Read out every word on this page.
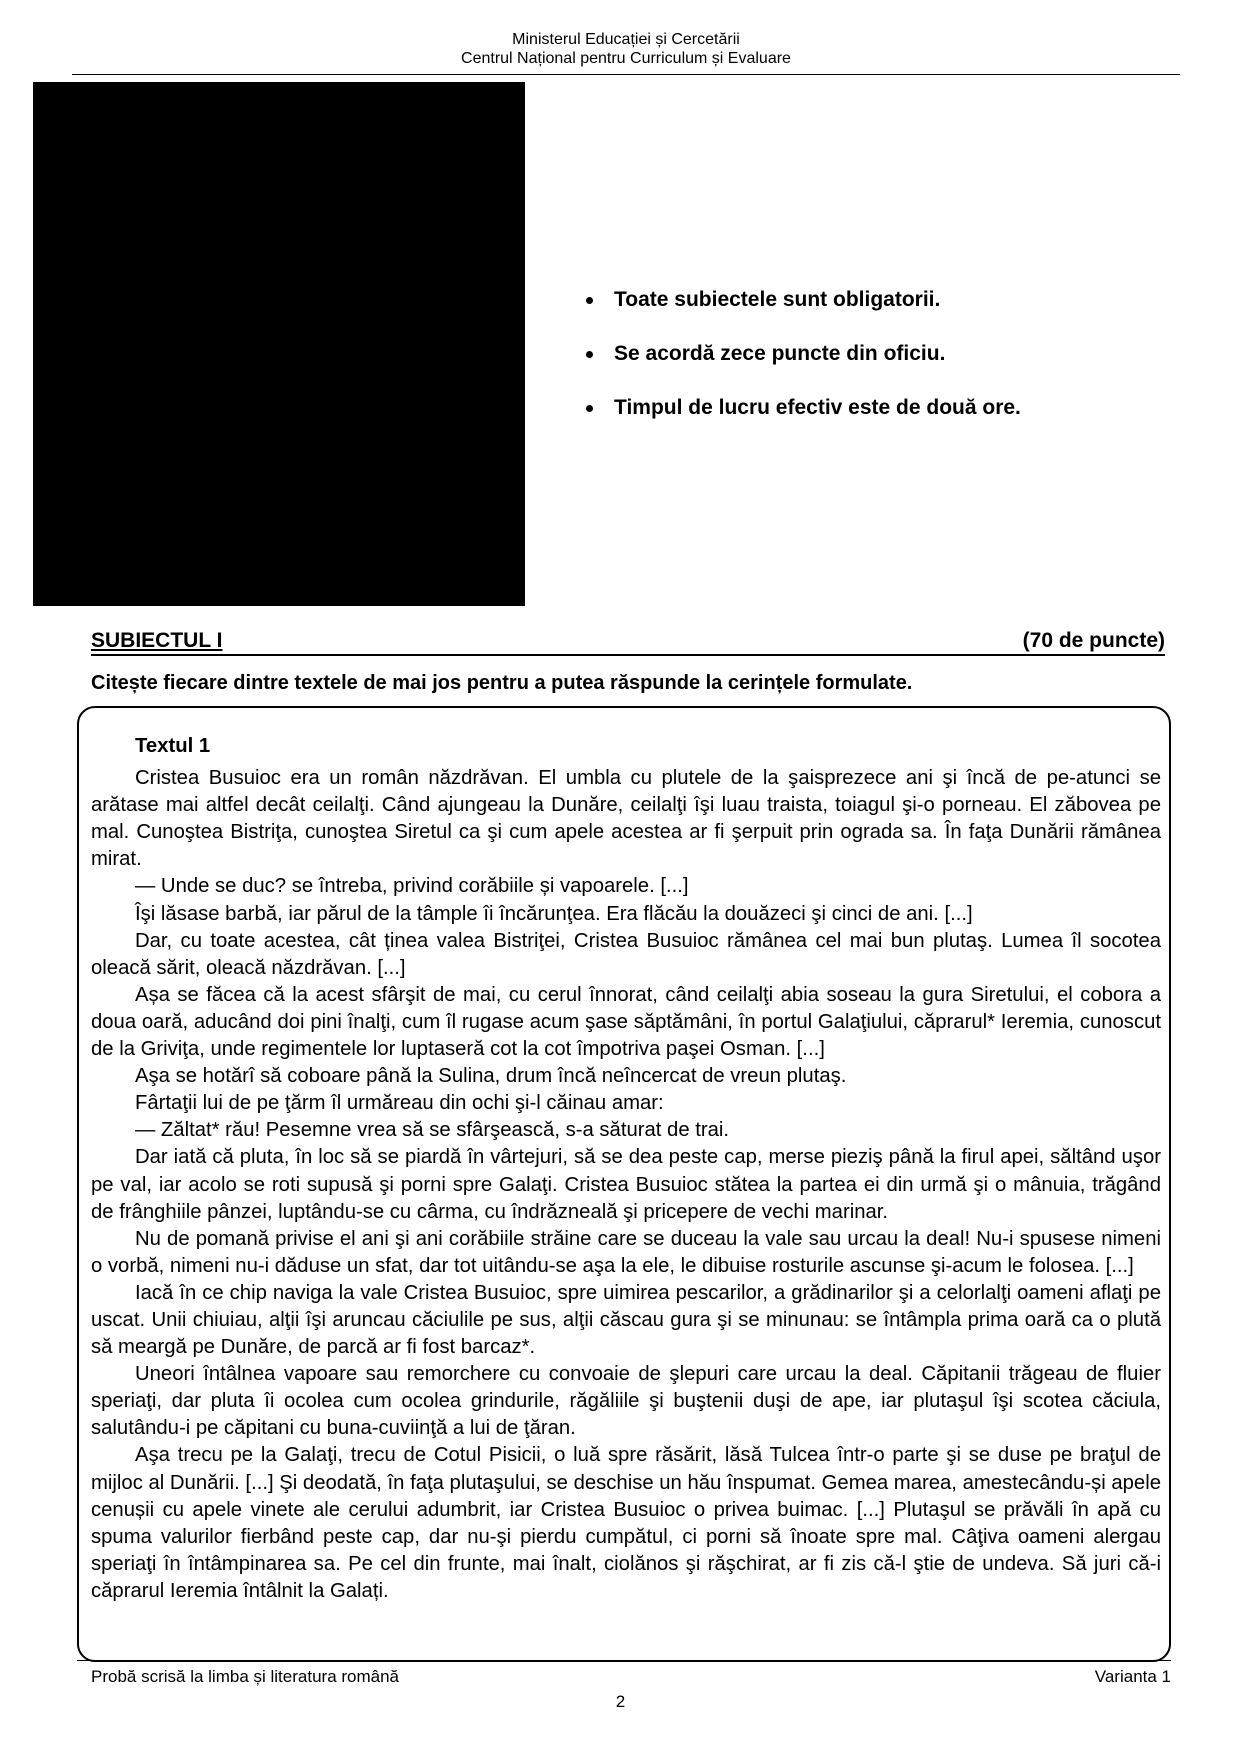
Ministerul Educației și Cercetării
Centrul Național pentru Curriculum și Evaluare
Toate subiectele sunt obligatorii.
Se acordă zece puncte din oficiu.
Timpul de lucru efectiv este de două ore.
SUBIECTUL I	(70 de puncte)
Citește fiecare dintre textele de mai jos pentru a putea răspunde la cerințele formulate.
Textul 1

Cristea Busuioc era un român năzdrăvan. El umbla cu plutele de la şaisprezece ani şi încă de pe-atunci se arătase mai altfel decât ceilalţi. Când ajungeau la Dunăre, ceilalţi îşi luau traista, toiagul şi-o porneau. El zăbovea pe mal. Cunoştea Bistriţa, cunoştea Siretul ca şi cum apele acestea ar fi şerpuit prin ograda sa. În faţa Dunării rămânea mirat.

— Unde se duc? se întreba, privind corăbiile și vapoarele. [...]

Îşi lăsase barbă, iar părul de la tâmple îi încărunţea. Era flăcău la douăzeci şi cinci de ani. [...]

Dar, cu toate acestea, cât ținea valea Bistriţei, Cristea Busuioc rămânea cel mai bun plutaş. Lumea îl socotea oleacă sărit, oleacă năzdrăvan. [...]

Așa se făcea că la acest sfârşit de mai, cu cerul înnorat, când ceilalţi abia soseau la gura Siretului, el cobora a doua oară, aducând doi pini înalţi, cum îl rugase acum şase săptămâni, în portul Galaţiului, căprarul* Ieremia, cunoscut de la Griviţa, unde regimentele lor luptaseră cot la cot împotriva paşei Osman. [...]

Aşa se hotărî să coboare până la Sulina, drum încă neîncercat de vreun plutaş.

Fârtaţii lui de pe ţărm îl urmăreau din ochi şi-l căinau amar:

— Zăltat* rău! Pesemne vrea să se sfârşească, s-a săturat de trai.

Dar iată că pluta, în loc să se piardă în vârtejuri, să se dea peste cap, merse pieziş până la firul apei, săltând uşor pe val, iar acolo se roti supusă şi porni spre Galaţi. Cristea Busuioc stătea la partea ei din urmă şi o mânuia, trăgând de frânghiile pânzei, luptându-se cu cârma, cu îndrăzneală şi pricepere de vechi marinar.

Nu de pomană privise el ani şi ani corăbiile străine care se duceau la vale sau urcau la deal! Nu-i spusese nimeni o vorbă, nimeni nu-i dăduse un sfat, dar tot uitându-se aşa la ele, le dibuise rosturile ascunse şi-acum le folosea. [...]

Iacă în ce chip naviga la vale Cristea Busuioc, spre uimirea pescarilor, a grădinarilor şi a celorlalţi oameni aflaţi pe uscat. Unii chiuiau, alţii îşi aruncau căciulile pe sus, alţii căscau gura şi se minunau: se întâmpla prima oară ca o plută să meargă pe Dunăre, de parcă ar fi fost barcaz*.

Uneori întâlnea vapoare sau remorchere cu convoaie de şlepuri care urcau la deal. Căpitanii trăgeau de fluier speriaţi, dar pluta îi ocolea cum ocolea grindurile, răgăliile şi buştenii duşi de ape, iar plutaşul îşi scotea căciula, salutându-i pe căpitani cu buna-cuviinţă a lui de ţăran.

Aşa trecu pe la Galaţi, trecu de Cotul Pisicii, o luă spre răsărit, lăsă Tulcea într-o parte şi se duse pe braţul de mijloc al Dunării. [...] Şi deodată, în faţa plutaşului, se deschise un hău înspumat. Gemea marea, amestecându-și apele cenușii cu apele vinete ale cerului adumbrit, iar Cristea Busuioc o privea buimac. [...] Plutaşul se prăvăli în apă cu spuma valurilor fierbând peste cap, dar nu-şi pierdu cumpătul, ci porni să înoate spre mal. Câţiva oameni alergau speriaţi în întâmpinarea sa. Pe cel din frunte, mai înalt, ciolănos şi răşchirat, ar fi zis că-l ştie de undeva. Să juri că-i căprarul Ieremia întâlnit la Galați.

Probă scrisă la limba și literatura română	Varianta 1
2
